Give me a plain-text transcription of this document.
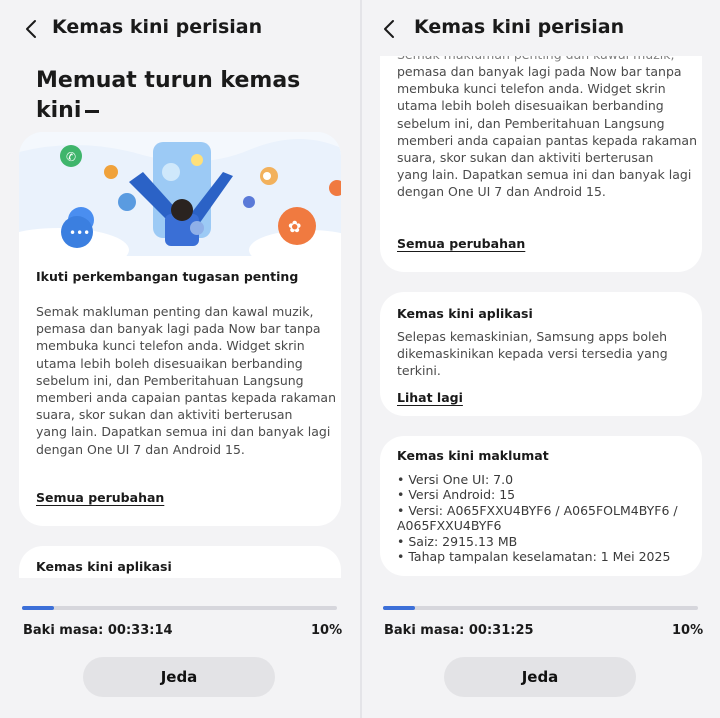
Kemas kini perisian
Memuat turun kemas kini
✆
•••	✿
Ikuti perkembangan tugasan penting

Semak makluman penting dan kawal muzik,

pemasa dan banyak lagi pada Now bar tanpa

membuka kunci telefon anda. Widget skrin

utama lebih boleh disesuaikan berbanding

sebelum ini, dan Pemberitahuan Langsung

memberi anda capaian pantas kepada rakaman

suara, skor sukan dan aktiviti berterusan

yang lain. Dapatkan semua ini dan banyak lagi

dengan One UI 7 dan Android 15.

Semua perubahan
Kemas kini aplikasi
Baki masa: 00:33:14	10%
Jeda

pemasa dan banyak lagi pada Now bar tanpa

membuka kunci telefon anda. Widget skrin

utama lebih boleh disesuaikan berbanding

sebelum ini, dan Pemberitahuan Langsung

memberi anda capaian pantas kepada rakaman

suara, skor sukan dan aktiviti berterusan

yang lain. Dapatkan semua ini dan banyak lagi

dengan One UI 7 dan Android 15.

Semua perubahan
Kemas kini perisian
Kemas kini aplikasi

Selepas kemaskinian, Samsung apps boleh

dikemaskinikan kepada versi tersedia yang

terkini.

Lihat lagi
Kemas kini maklumat
• Versi One UI: 7.0
• Versi Android: 15
• Versi: A065FXXU4BYF6 / A065FOLM4BYF6 /
A065FXXU4BYF6
• Saiz: 2915.13 MB
• Tahap tampalan keselamatan: 1 Mei 2025
Baki masa: 00:31:25	10%
Jeda
